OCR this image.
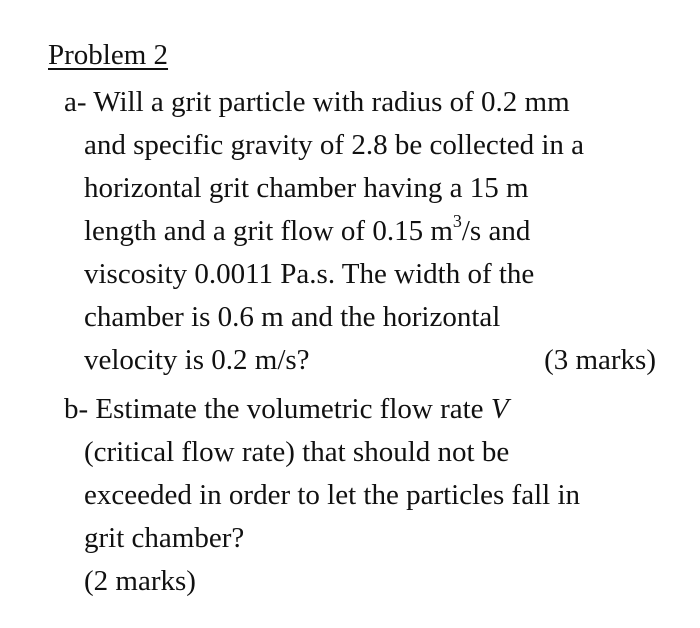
Problem 2
a- Will a grit particle with radius of 0.2 mm
and specific gravity of 2.8 be collected in a
horizontal grit chamber having a 15 m
length and a grit flow of 0.15 $m^3/s$ and
viscosity 0.0011 Pa.s. The width of the
chamber is 0.6 m and the horizontal
velocity is 0.2 m/s?	(3 marks)
b- Estimate the volumetric flow rate V
(critical flow rate) that should not be
exceeded in order to let the particles fall in
grit chamber?
(2 marks)
